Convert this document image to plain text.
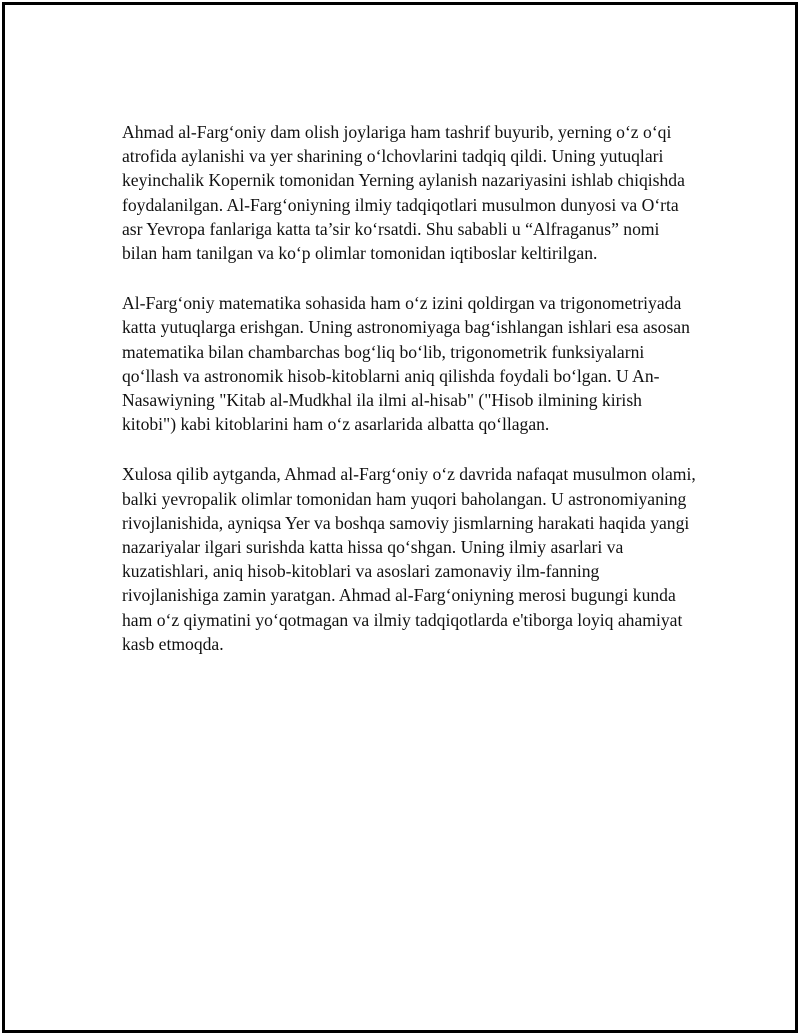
Ahmad al-Farg‘oniy dam olish joylariga ham tashrif buyurib, yerning o‘z o‘qi atrofida aylanishi va yer sharining o‘lchovlarini tadqiq qildi. Uning yutuqlari keyinchalik Kopernik tomonidan Yerning aylanish nazariyasini ishlab chiqishda foydalanilgan. Al-Farg‘oniyning ilmiy tadqiqotlari musulmon dunyosi va O‘rta asr Yevropa fanlariga katta ta’sir ko‘rsatdi. Shu sababli u “Alfraganus” nomi bilan ham tanilgan va ko‘p olimlar tomonidan iqtiboslar keltirilgan.

Al-Farg‘oniy matematika sohasida ham o‘z izini qoldirgan va trigonometriyada katta yutuqlarga erishgan. Uning astronomiyaga bag‘ishlangan ishlari esa asosan matematika bilan chambarchas bog‘liq bo‘lib, trigonometrik funksiyalarni qo‘llash va astronomik hisob-kitoblarni aniq qilishda foydali bo‘lgan. U An-Nasawiyning "Kitab al-Mudkhal ila ilmi al-hisab" ("Hisob ilmining kirish kitobi") kabi kitoblarini ham o‘z asarlarida albatta qo‘llagan.

Xulosa qilib aytganda, Ahmad al-Farg‘oniy o‘z davrida nafaqat musulmon olami, balki yevropalik olimlar tomonidan ham yuqori baholangan. U astronomiyaning rivojlanishida, ayniqsa Yer va boshqa samoviy jismlarning harakati haqida yangi nazariyalar ilgari surishda katta hissa qo‘shgan. Uning ilmiy asarlari va kuzatishlari, aniq hisob-kitoblari va asoslari zamonaviy ilm-fanning rivojlanishiga zamin yaratgan. Ahmad al-Farg‘oniyning merosi bugungi kunda ham o‘z qiymatini yo‘qotmagan va ilmiy tadqiqotlarda e'tiborga loyiq ahamiyat kasb etmoqda.
